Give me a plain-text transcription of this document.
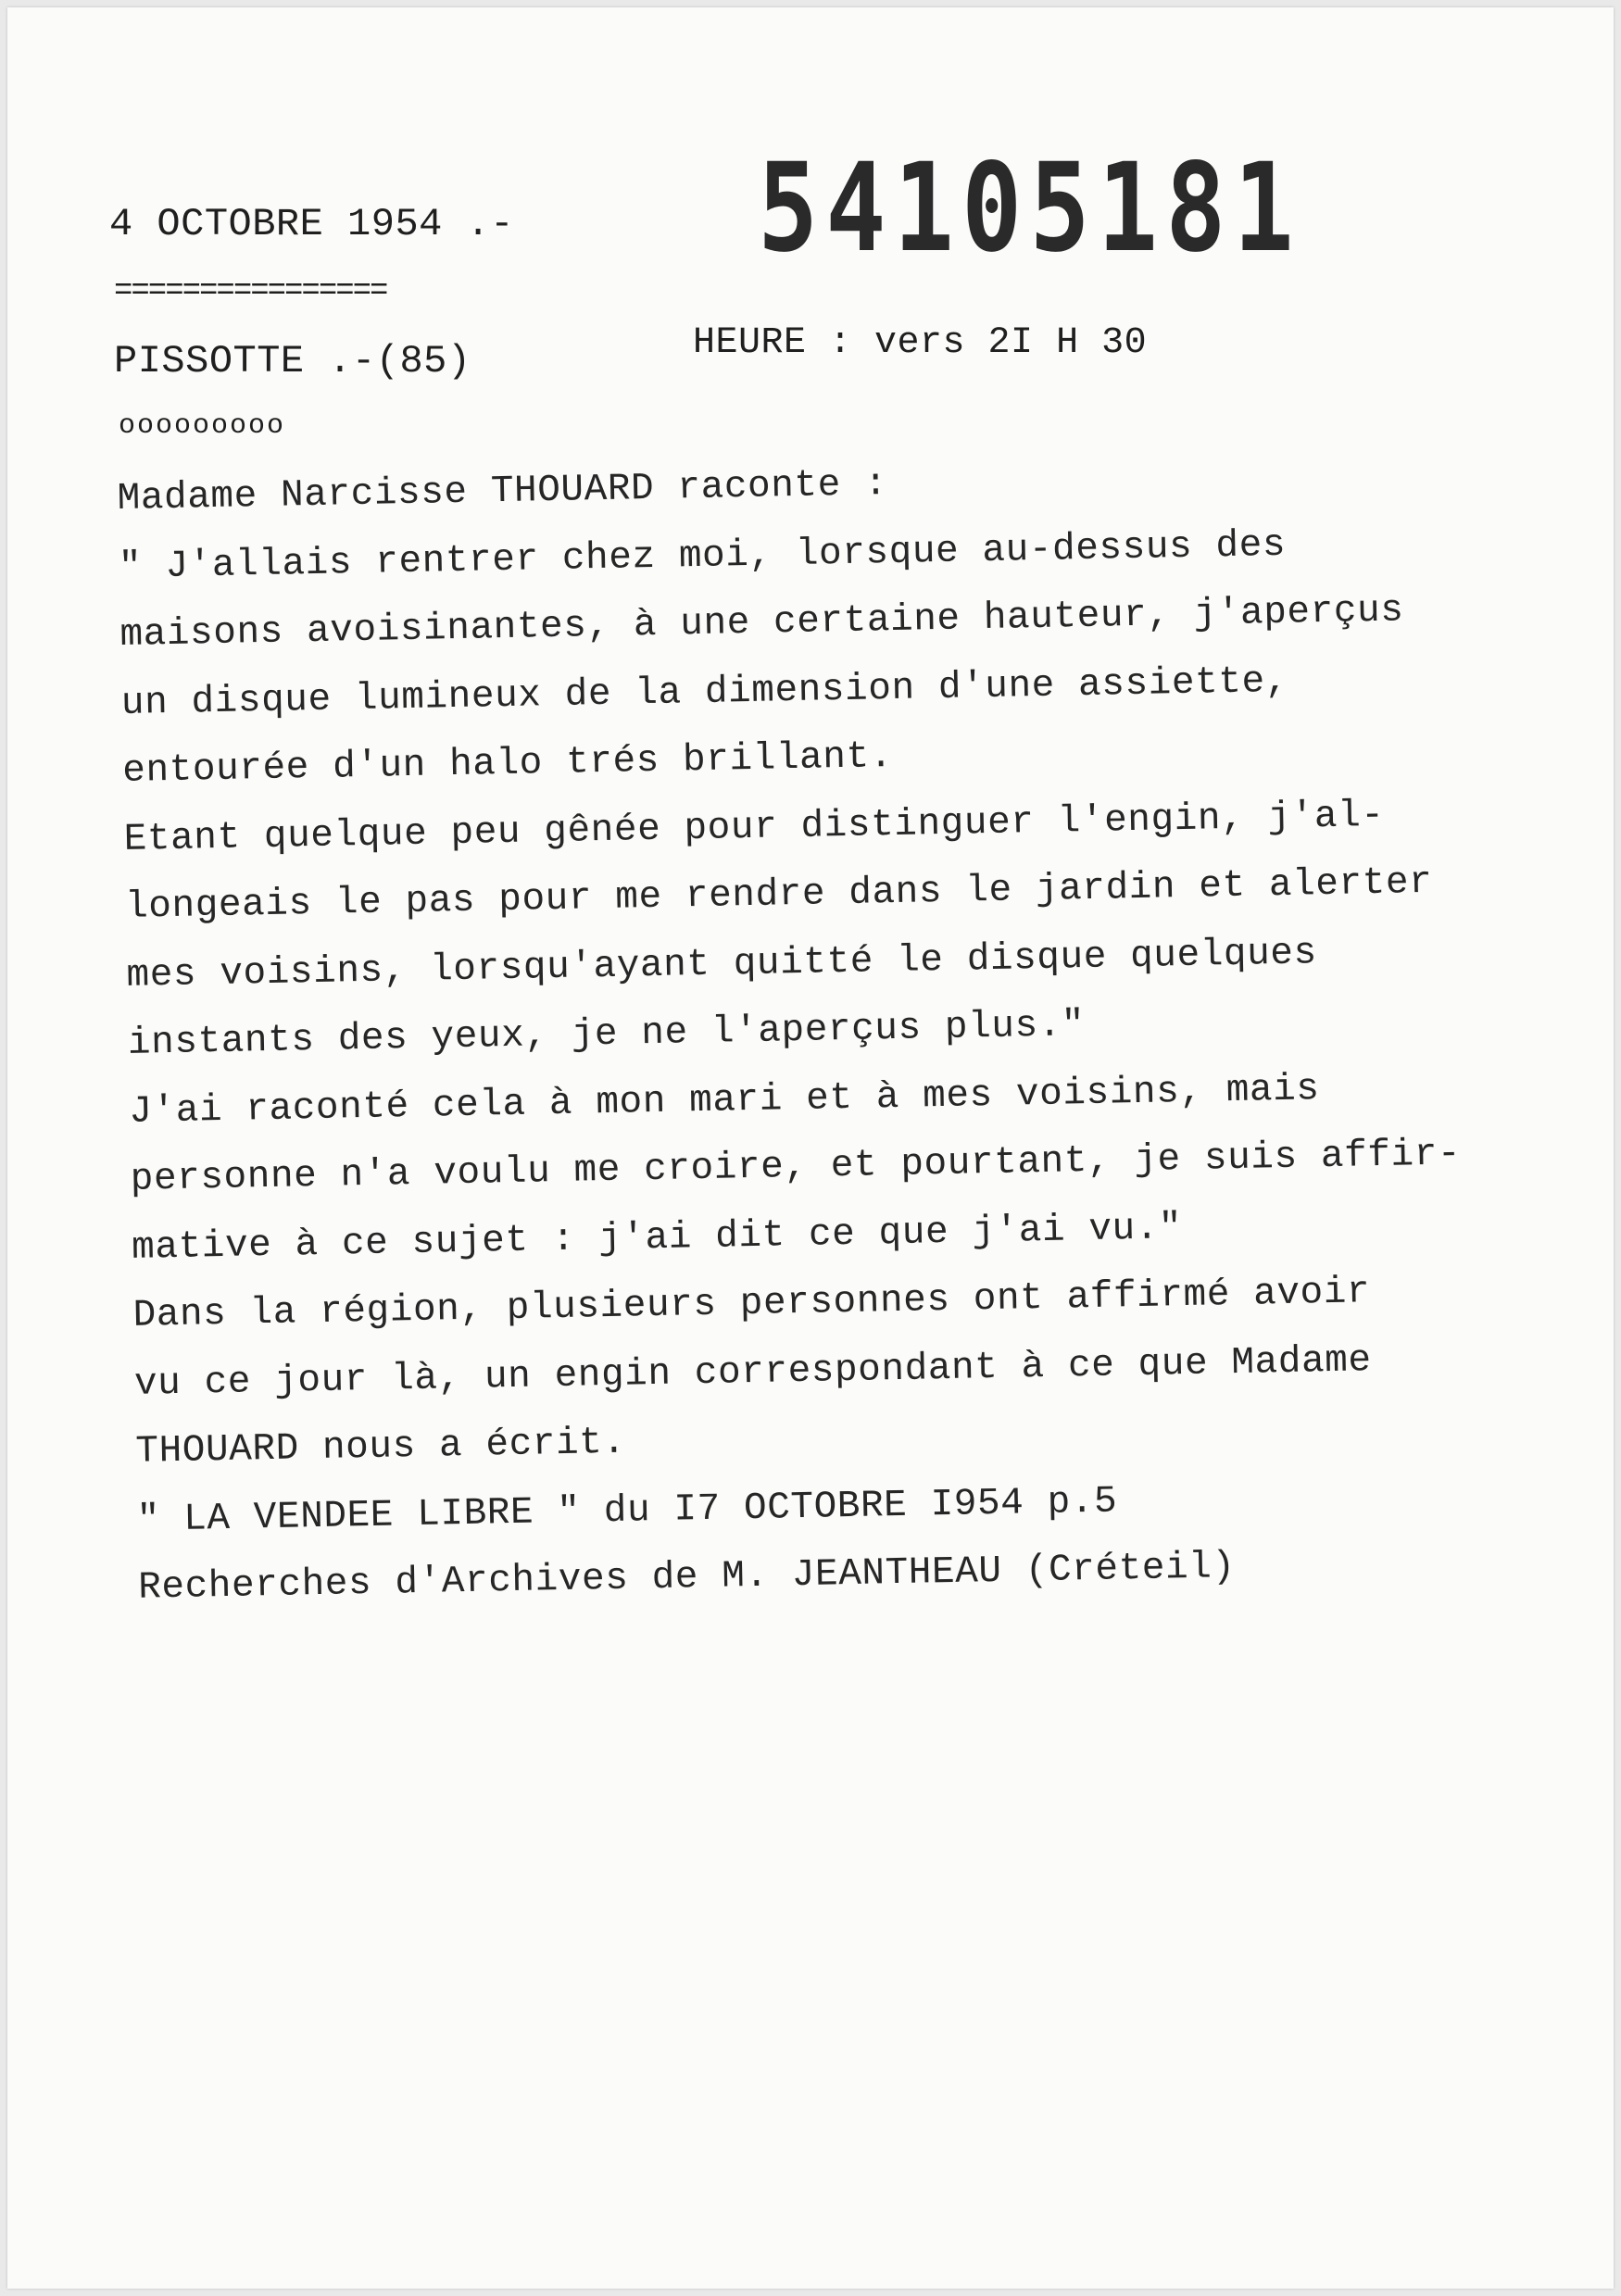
54105181
4 OCTOBRE 1954 .-
================
PISSOTTE .-(85)	HEURE : vers 2I H 30
ooooooooo
Madame Narcisse THOUARD raconte :
" J'allais rentrer chez moi, lorsque au-dessus des
maisons avoisinantes, à une certaine hauteur, j'aperçus
un disque lumineux de la dimension d'une assiette,
entourée d'un halo trés brillant.
Etant quelque peu gênée pour distinguer l'engin, j'al-
longeais le pas pour me rendre dans le jardin et alerter
mes voisins, lorsqu'ayant quitté le disque quelques
instants des yeux, je ne l'aperçus plus."
J'ai raconté cela à mon mari et à mes voisins, mais
personne n'a voulu me croire, et pourtant, je suis affir-
mative à ce sujet : j'ai dit ce que j'ai vu."
Dans la région, plusieurs personnes ont affirmé avoir
vu ce jour là, un engin correspondant à ce que Madame
THOUARD nous a écrit.
" LA VENDEE LIBRE " du I7 OCTOBRE I954 p.5
Recherches d'Archives de M. JEANTHEAU (Créteil)
